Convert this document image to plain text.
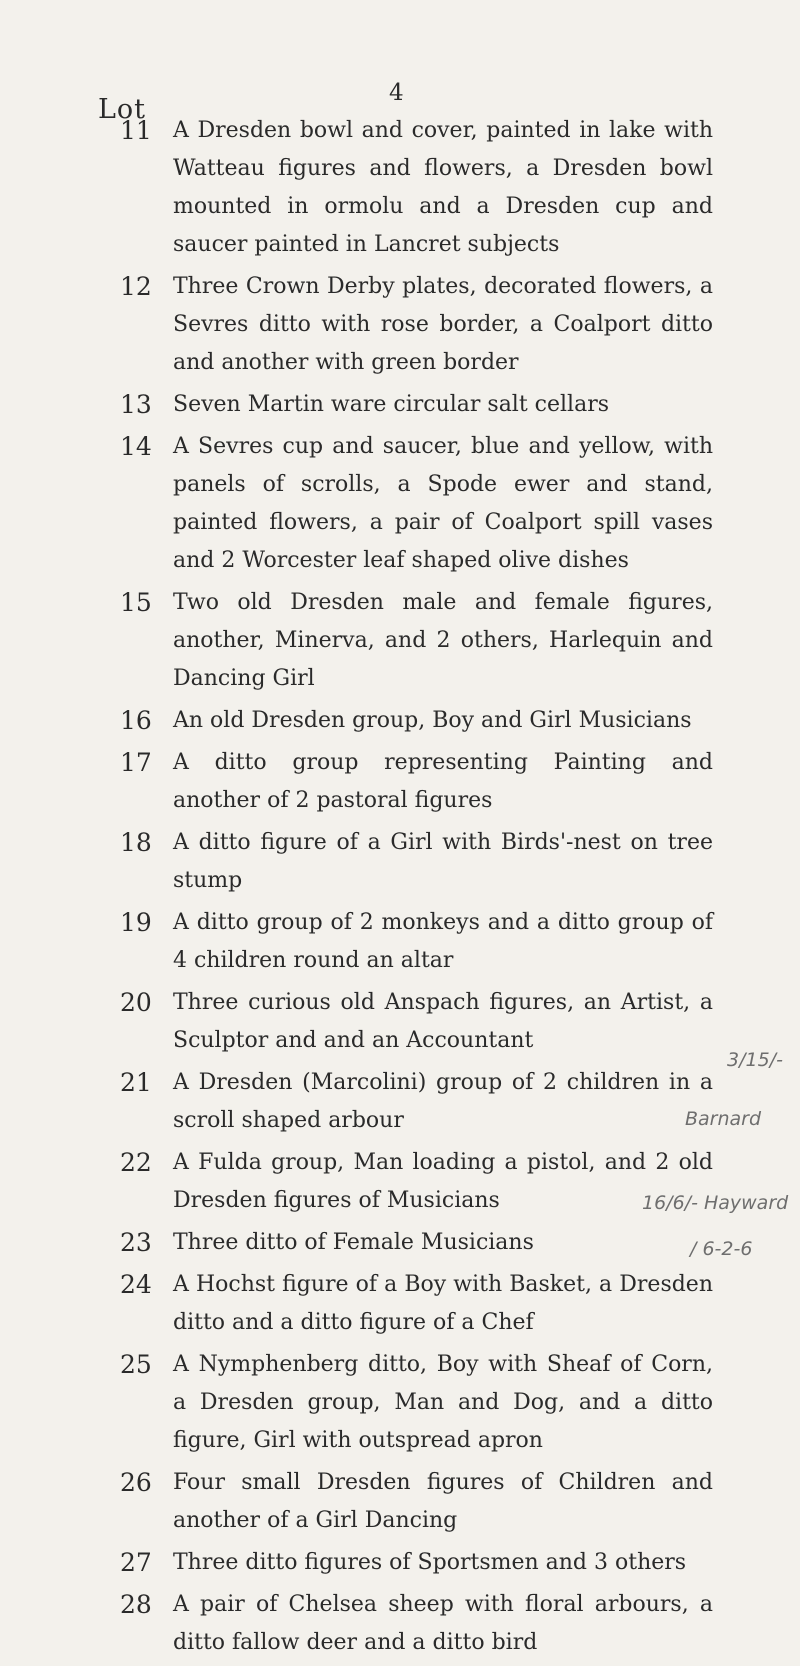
4
Lot
11 A Dresden bowl and cover, painted in lake with Watteau figures and flowers, a Dresden bowl mounted in ormolu and a Dresden cup and saucer painted in Lancret subjects
12 Three Crown Derby plates, decorated flowers, a Sevres ditto with rose border, a Coalport ditto and another with green border
13 Seven Martin ware circular salt cellars
14 A Sevres cup and saucer, blue and yellow, with panels of scrolls, a Spode ewer and stand, painted flowers, a pair of Coalport spill vases and 2 Worcester leaf shaped olive dishes
15 Two old Dresden male and female figures, another, Minerva, and 2 others, Harlequin and Dancing Girl
16 An old Dresden group, Boy and Girl Musicians
17 A ditto group representing Painting and another of 2 pastoral figures
18 A ditto figure of a Girl with Birds'-nest on tree stump
19 A ditto group of 2 monkeys and a ditto group of 4 children round an altar
20 Three curious old Anspach figures, an Artist, a Sculptor and and an Accountant
21 A Dresden (Marcolini) group of 2 children in a scroll shaped arbour
22 A Fulda group, Man loading a pistol, and 2 old Dresden figures of Musicians
23 Three ditto of Female Musicians
24 A Hochst figure of a Boy with Basket, a Dresden ditto and a ditto figure of a Chef
25 A Nymphenberg ditto, Boy with Sheaf of Corn, a Dresden group, Man and Dog, and a ditto figure, Girl with outspread apron
26 Four small Dresden figures of Children and another of a Girl Dancing
27 Three ditto figures of Sportsmen and 3 others
28 A pair of Chelsea sheep with floral arbours, a ditto fallow deer and a ditto bird
3/15/-
Barnard
16/6/- Hayward
/ 6-2-6
